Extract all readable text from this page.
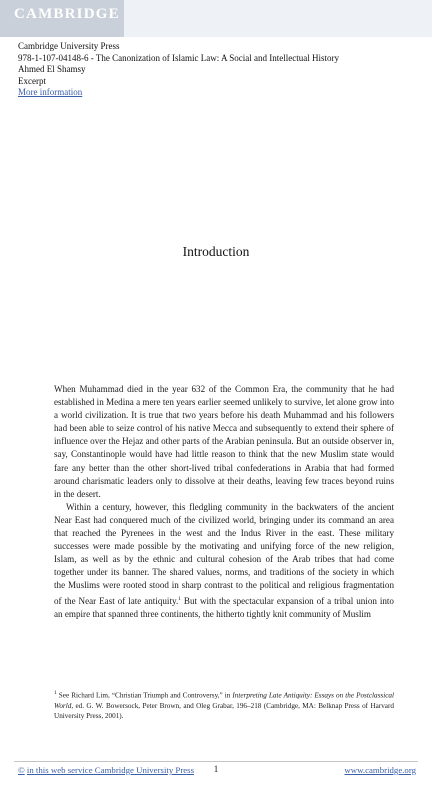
CAMBRIDGE
Cambridge University Press
978-1-107-04148-6 - The Canonization of Islamic Law: A Social and Intellectual History
Ahmed El Shamsy
Excerpt
More information
Introduction

When Muhammad died in the year 632 of the Common Era, the community that he had established in Medina a mere ten years earlier seemed unlikely to survive, let alone grow into a world civilization. It is true that two years before his death Muhammad and his followers had been able to seize control of his native Mecca and subsequently to extend their sphere of influence over the Hejaz and other parts of the Arabian peninsula. But an outside observer in, say, Constantinople would have had little reason to think that the new Muslim state would fare any better than the other short-lived tribal confederations in Arabia that had formed around charismatic leaders only to dissolve at their deaths, leaving few traces beyond ruins in the desert.

Within a century, however, this fledgling community in the backwaters of the ancient Near East had conquered much of the civilized world, bringing under its command an area that reached the Pyrenees in the west and the Indus River in the east. These military successes were made possible by the motivating and unifying force of the new religion, Islam, as well as by the ethnic and cultural cohesion of the Arab tribes that had come together under its banner. The shared values, norms, and traditions of the society in which the Muslims were rooted stood in sharp contrast to the political and religious fragmentation of the Near East of late antiquity.$^1$ But with the spectacular expansion of a tribal union into an empire that spanned three continents, the hitherto tightly knit community of Muslim

$^1$ See Richard Lim, “Christian Triumph and Controversy,” in Interpreting Late Antiquity: Essays on the Postclassical World, ed. G. W. Bowersock, Peter Brown, and Oleg Grabar, 196–218 (Cambridge, MA: Belknap Press of Harvard University Press, 2001).
1
© in this web service Cambridge University Press	www.cambridge.org
